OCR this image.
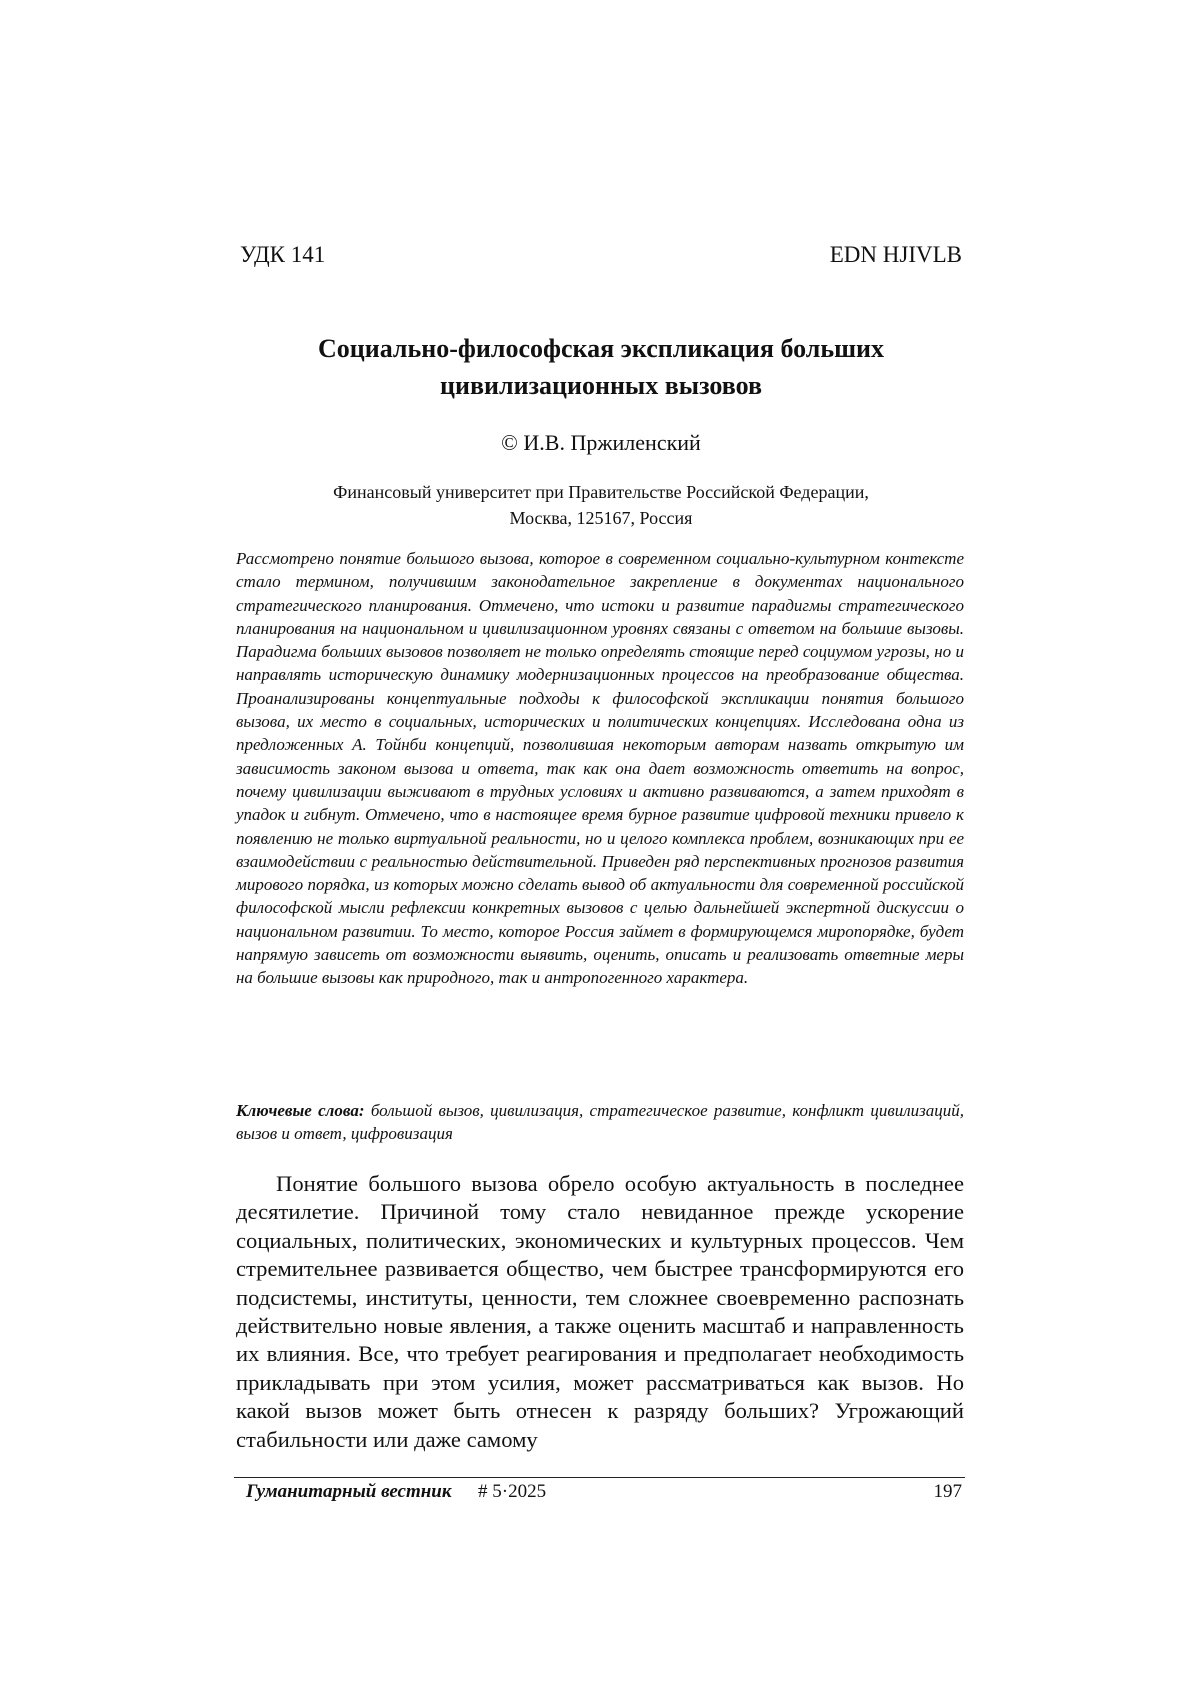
УДК 141	EDN HJIVLB
Социально-философская экспликация больших
цивилизационных вызовов
© И.В. Пржиленский
Финансовый университет при Правительстве Российской Федерации,
Москва, 125167, Россия
Рассмотрено понятие большого вызова, которое в современном социально-культурном контексте стало термином, получившим законодательное закрепление в документах национального стратегического планирования. Отмечено, что истоки и развитие парадигмы стратегического планирования на национальном и цивилизационном уровнях связаны с ответом на большие вызовы. Парадигма больших вызовов позволяет не только определять стоящие перед социумом угрозы, но и направлять историческую динамику модернизационных процессов на преобразование общества. Проанализированы концептуальные подходы к философской экспликации понятия большого вызова, их место в социальных, исторических и политических концепциях. Исследована одна из предложенных А. Тойнби концепций, позволившая некоторым авторам назвать открытую им зависимость законом вызова и ответа, так как она дает возможность ответить на вопрос, почему цивилизации выживают в трудных условиях и активно развиваются, а затем приходят в упадок и гибнут. Отмечено, что в настоящее время бурное развитие цифровой техники привело к появлению не только виртуальной реальности, но и целого комплекса проблем, возникающих при ее взаимодействии с реальностью действительной. Приведен ряд перспективных прогнозов развития мирового порядка, из которых можно сделать вывод об актуальности для современной российской философской мысли рефлексии конкретных вызовов с целью дальнейшей экспертной дискуссии о национальном развитии. То место, которое Россия займет в формирующемся миропорядке, будет напрямую зависеть от возможности выявить, оценить, описать и реализовать ответные меры на большие вызовы как природного, так и антропогенного характера.
Ключевые слова: большой вызов, цивилизация, стратегическое развитие, конфликт цивилизаций, вызов и ответ, цифровизация

Понятие большого вызова обрело особую актуальность в последнее десятилетие. Причиной тому стало невиданное прежде ускорение социальных, политических, экономических и культурных процессов. Чем стремительнее развивается общество, чем быстрее трансформируются его подсистемы, институты, ценности, тем сложнее своевременно распознать действительно новые явления, а также оценить масштаб и направленность их влияния. Все, что требует реагирования и предполагает необходимость прикладывать при этом усилия, может рассматриваться как вызов. Но какой вызов может быть отнесен к разряду больших? Угрожающий стабильности или даже самому

Гуманитарный вестник # 5·2025	197
